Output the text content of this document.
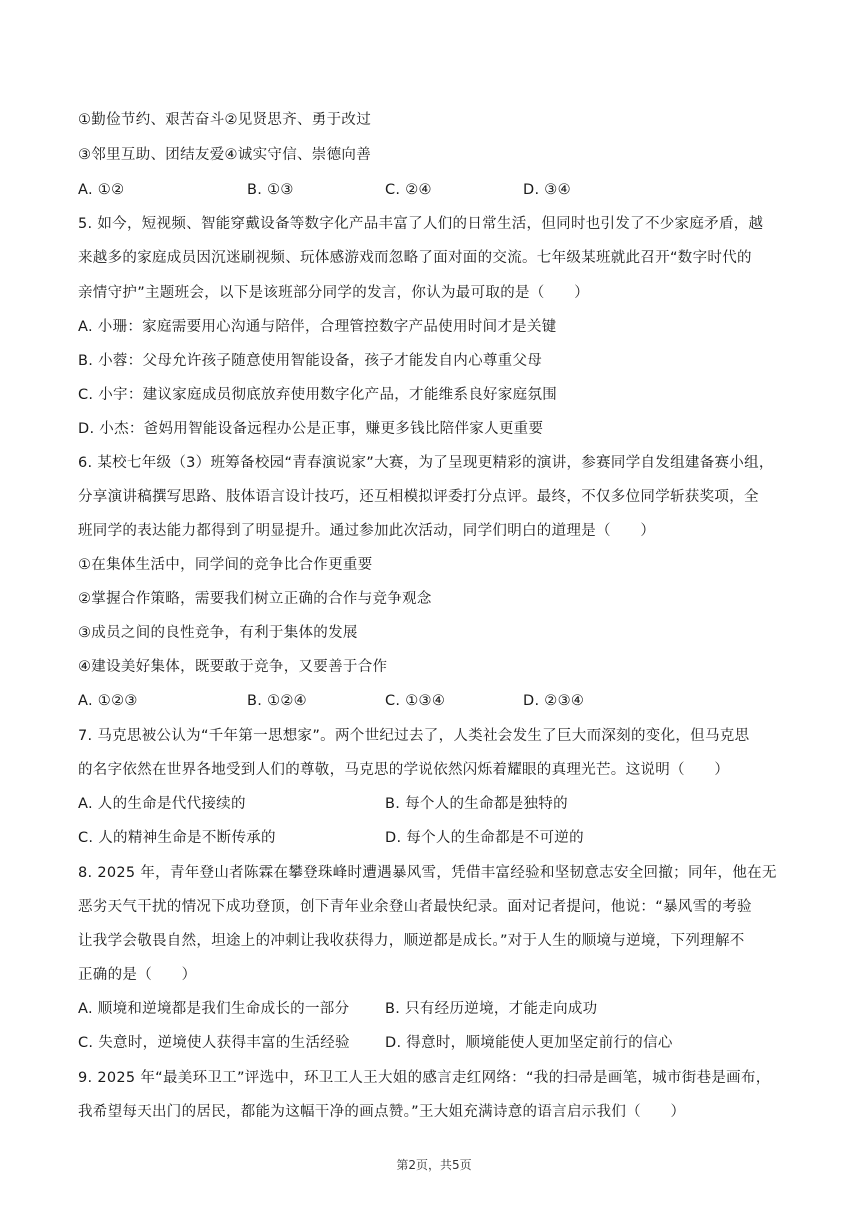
①勤俭节约、艰苦奋斗②见贤思齐、勇于改过
③邻里互助、团结友爱④诚实守信、崇德向善
A. ①②	B. ①③	C. ②④	D. ③④
5. 如今，短视频、智能穿戴设备等数字化产品丰富了人们的日常生活，但同时也引发了不少家庭矛盾，越
来越多的家庭成员因沉迷刷视频、玩体感游戏而忽略了面对面的交流。七年级某班就此召开“数字时代的
亲情守护”主题班会，以下是该班部分同学的发言，你认为最可取的是（　　）
A. 小珊：家庭需要用心沟通与陪伴，合理管控数字产品使用时间才是关键
B. 小蓉：父母允许孩子随意使用智能设备，孩子才能发自内心尊重父母
C. 小宇：建议家庭成员彻底放弃使用数字化产品，才能维系良好家庭氛围
D. 小杰：爸妈用智能设备远程办公是正事，赚更多钱比陪伴家人更重要
6. 某校七年级（3）班筹备校园“青春演说家”大赛，为了呈现更精彩的演讲，参赛同学自发组建备赛小组，
分享演讲稿撰写思路、肢体语言设计技巧，还互相模拟评委打分点评。最终，不仅多位同学斩获奖项，全
班同学的表达能力都得到了明显提升。通过参加此次活动，同学们明白的道理是（　　）
①在集体生活中，同学间的竞争比合作更重要
②掌握合作策略，需要我们树立正确的合作与竞争观念
③成员之间的良性竞争，有利于集体的发展
④建设美好集体，既要敢于竞争，又要善于合作
A. ①②③	B. ①②④	C. ①③④	D. ②③④
7. 马克思被公认为“千年第一思想家”。两个世纪过去了，人类社会发生了巨大而深刻的变化，但马克思
的名字依然在世界各地受到人们的尊敬，马克思的学说依然闪烁着耀眼的真理光芒。这说明（　　）
A. 人的生命是代代接续的	B. 每个人的生命都是独特的
C. 人的精神生命是不断传承的	D. 每个人的生命都是不可逆的
8. 2025 年，青年登山者陈霖在攀登珠峰时遭遇暴风雪，凭借丰富经验和坚韧意志安全回撤；同年，他在无
恶劣天气干扰的情况下成功登顶，创下青年业余登山者最快纪录。面对记者提问，他说：“暴风雪的考验
让我学会敬畏自然，坦途上的冲刺让我收获得力，顺逆都是成长。”对于人生的顺境与逆境，下列理解不
正确的是（　　）
A. 顺境和逆境都是我们生命成长的一部分 B. 只有经历逆境，才能走向成功
C. 失意时，逆境使人获得丰富的生活经验 D. 得意时，顺境能使人更加坚定前行的信心
9. 2025 年“最美环卫工”评选中，环卫工人王大姐的感言走红网络：“我的扫帚是画笔，城市街巷是画布，
我希望每天出门的居民，都能为这幅干净的画点赞。”王大姐充满诗意的语言启示我们（　　）
第2页，共5页
